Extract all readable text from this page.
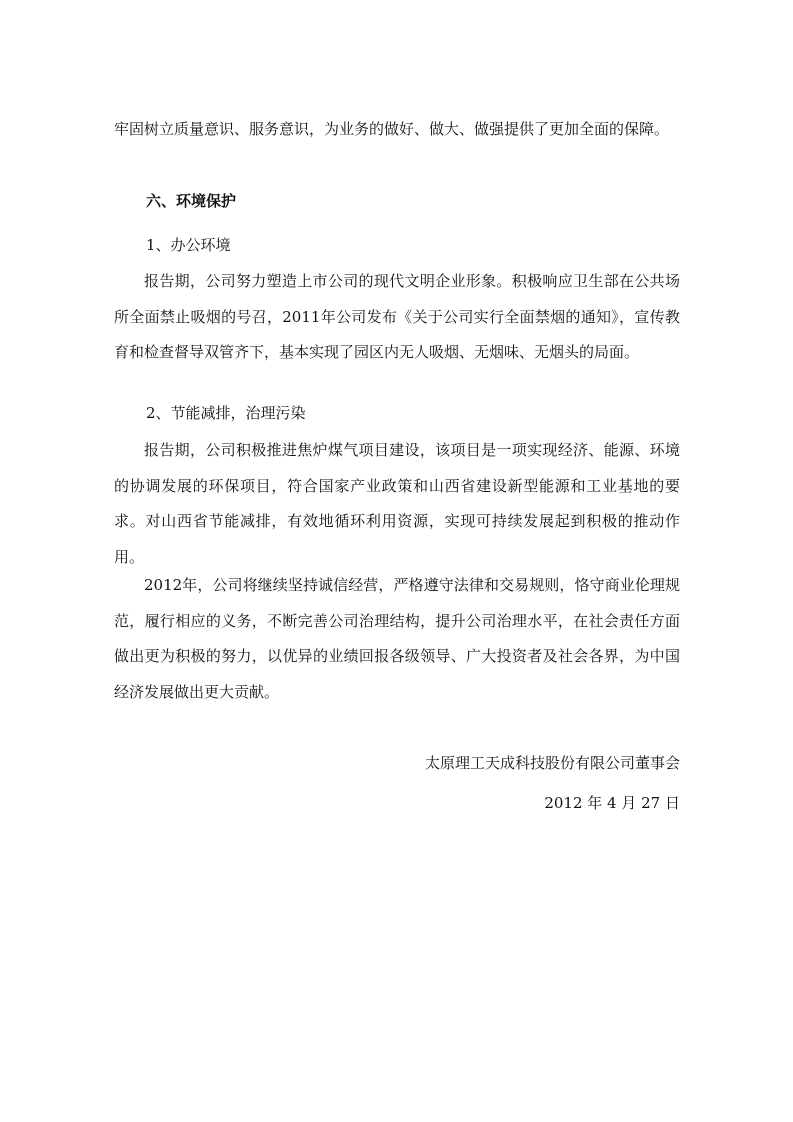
牢固树立质量意识、服务意识，为业务的做好、做大、做强提供了更加全面的保障。

六、环境保护
1、办公环境

报告期，公司努力塑造上市公司的现代文明企业形象。积极响应卫生部在公共场所全面禁止吸烟的号召，2011年公司发布《关于公司实行全面禁烟的通知》，宣传教育和检查督导双管齐下，基本实现了园区内无人吸烟、无烟味、无烟头的局面。

2、节能减排，治理污染

报告期，公司积极推进焦炉煤气项目建设，该项目是一项实现经济、能源、环境的协调发展的环保项目，符合国家产业政策和山西省建设新型能源和工业基地的要求。对山西省节能减排，有效地循环利用资源，实现可持续发展起到积极的推动作用。

2012年，公司将继续坚持诚信经营，严格遵守法律和交易规则，恪守商业伦理规范，履行相应的义务，不断完善公司治理结构，提升公司治理水平，在社会责任方面做出更为积极的努力，以优异的业绩回报各级领导、广大投资者及社会各界，为中国经济发展做出更大贡献。

太原理工天成科技股份有限公司董事会
2012 年 4 月 27 日
